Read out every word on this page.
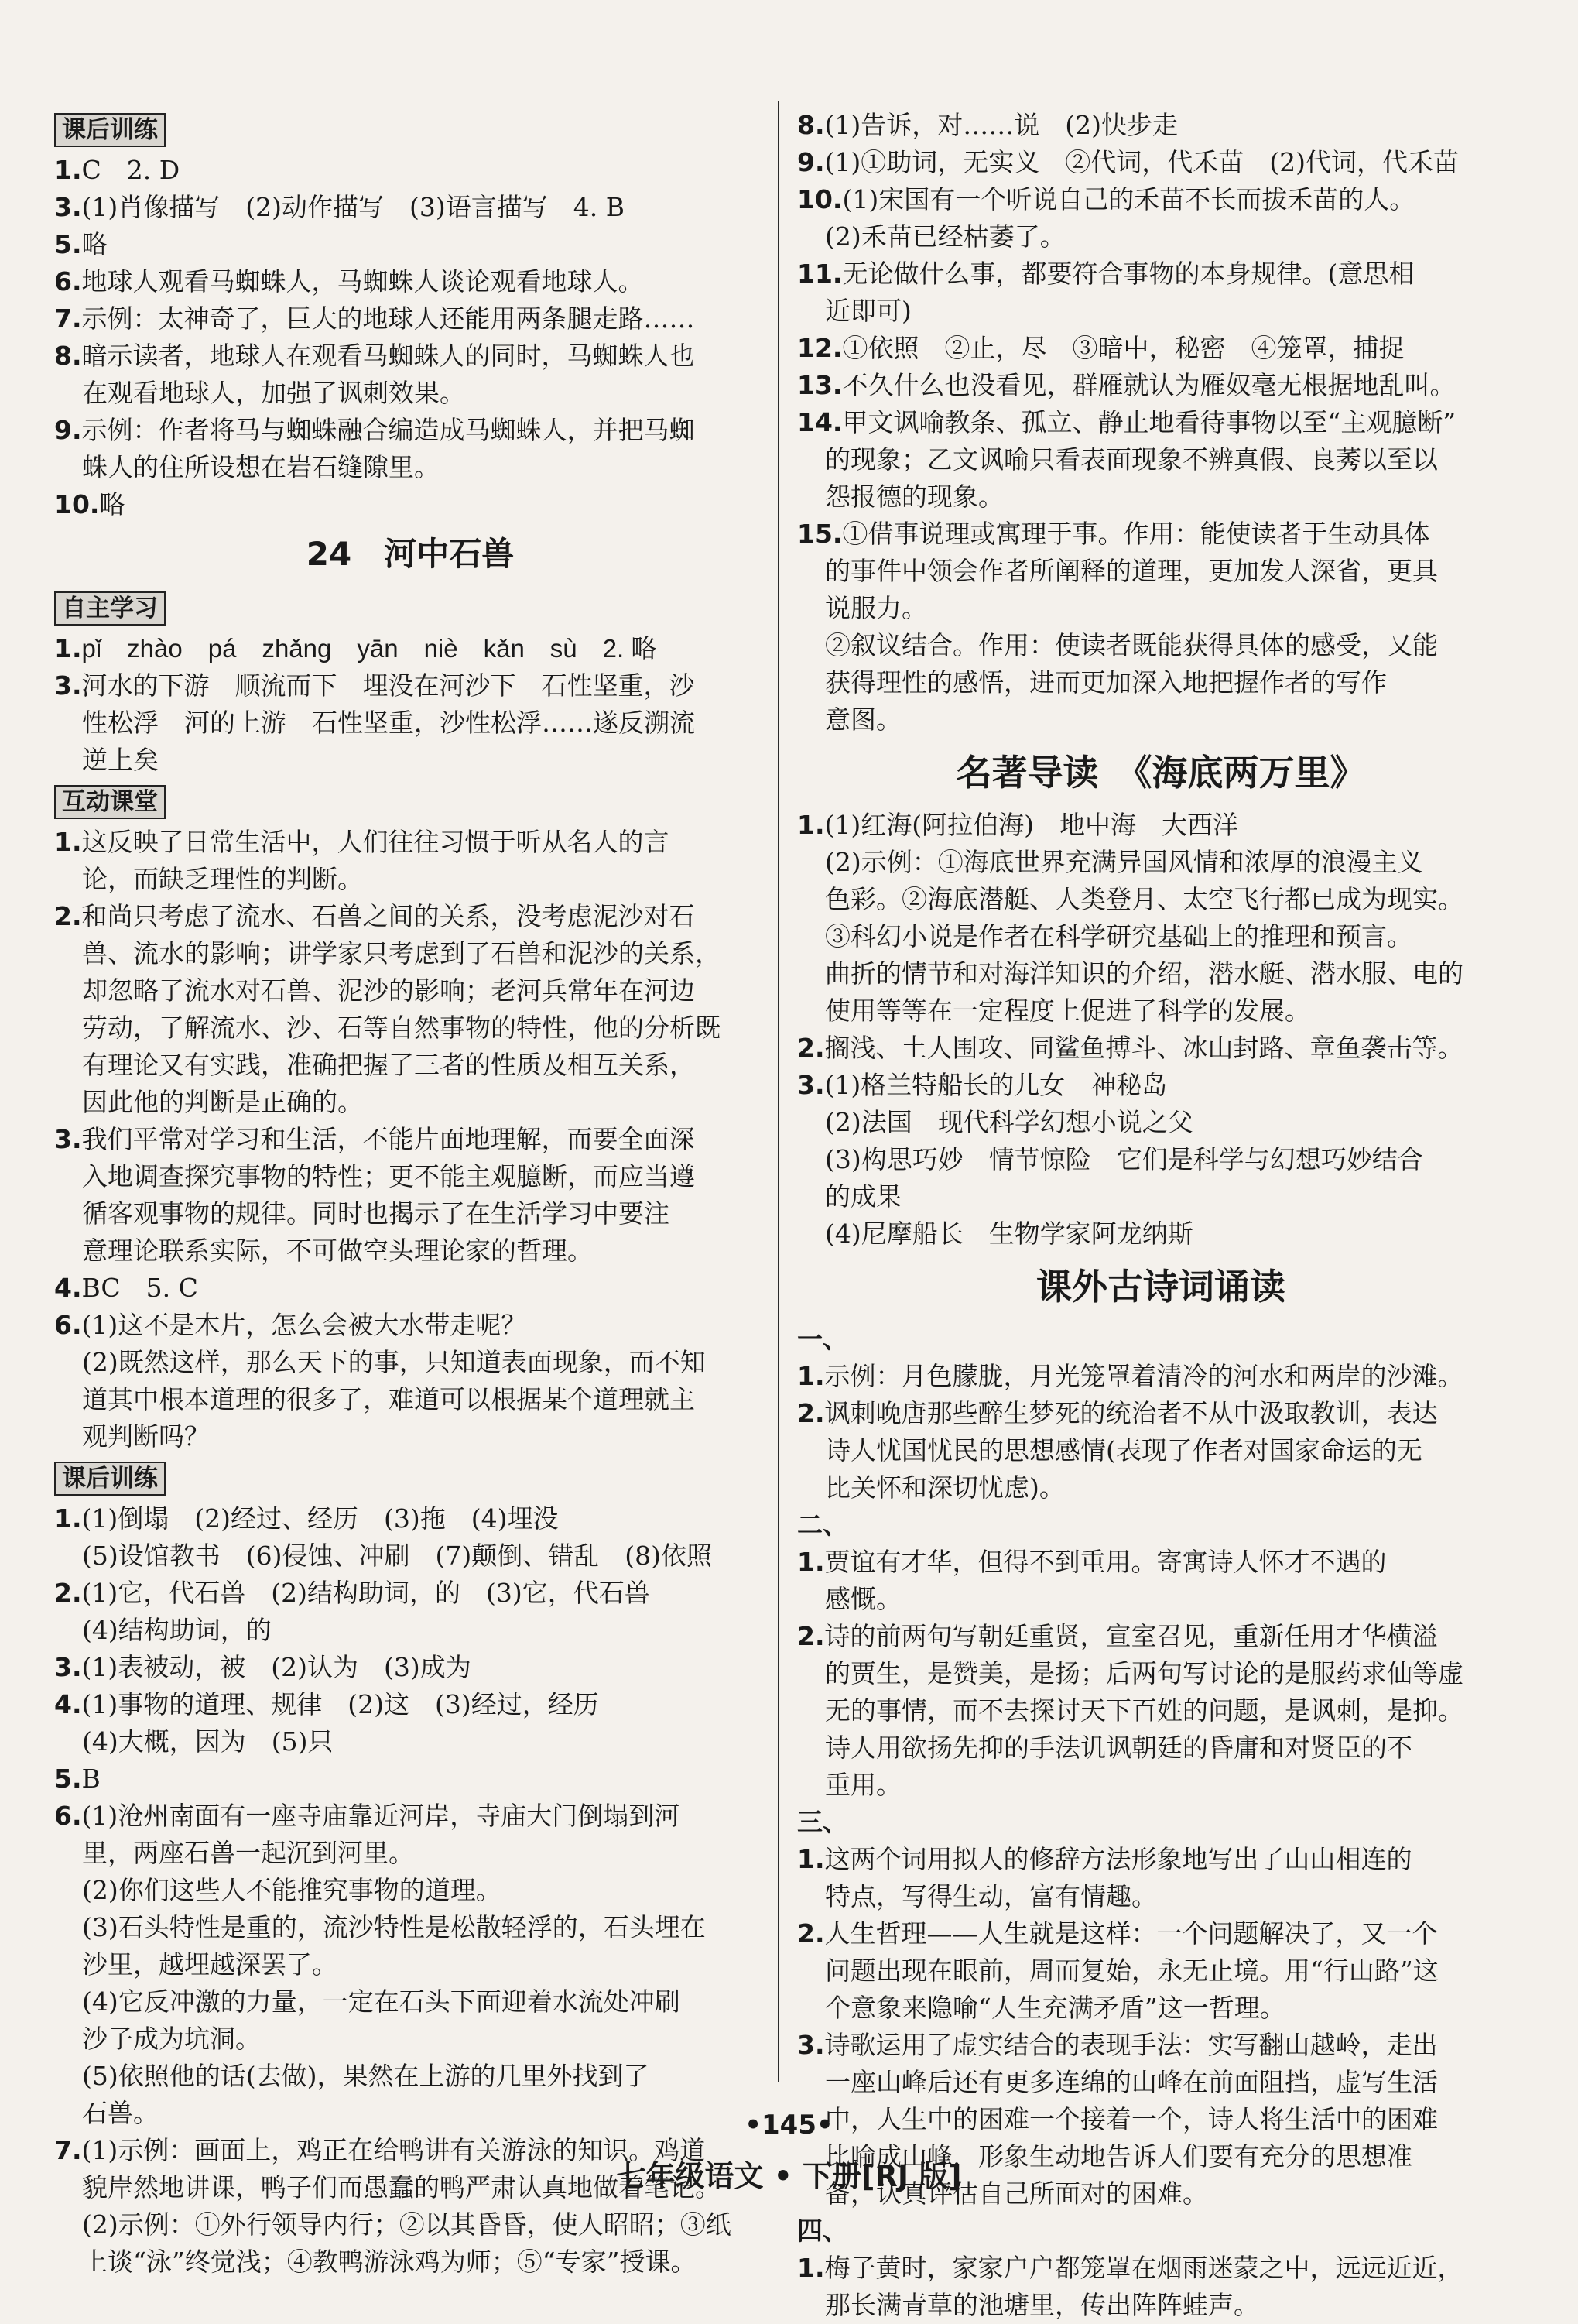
课后训练
1.C　2. D
3.(1)肖像描写　(2)动作描写　(3)语言描写　4. B
5.略
6.地球人观看马蜘蛛人，马蜘蛛人谈论观看地球人。
7.示例：太神奇了，巨大的地球人还能用两条腿走路……
8.暗示读者，地球人在观看马蜘蛛人的同时，马蜘蛛人也
在观看地球人，加强了讽刺效果。
9.示例：作者将马与蜘蛛融合编造成马蜘蛛人，并把马蜘
蛛人的住所设想在岩石缝隙里。
10.略
24　河中石兽
自主学习
1.pǐ　zhào　pá　zhǎng　yān　niè　kǎn　sù　2. 略
3.河水的下游　顺流而下　埋没在河沙下　石性坚重，沙
性松浮　河的上游　石性坚重，沙性松浮……遂反溯流
逆上矣
互动课堂
1.这反映了日常生活中，人们往往习惯于听从名人的言
论，而缺乏理性的判断。
2.和尚只考虑了流水、石兽之间的关系，没考虑泥沙对石
兽、流水的影响；讲学家只考虑到了石兽和泥沙的关系，
却忽略了流水对石兽、泥沙的影响；老河兵常年在河边
劳动，了解流水、沙、石等自然事物的特性，他的分析既
有理论又有实践，准确把握了三者的性质及相互关系，
因此他的判断是正确的。
3.我们平常对学习和生活，不能片面地理解，而要全面深
入地调查探究事物的特性；更不能主观臆断，而应当遵
循客观事物的规律。同时也揭示了在生活学习中要注
意理论联系实际，不可做空头理论家的哲理。
4.BC　5. C
6.(1)这不是木片，怎么会被大水带走呢？
(2)既然这样，那么天下的事，只知道表面现象，而不知
道其中根本道理的很多了，难道可以根据某个道理就主
观判断吗？
课后训练
1.(1)倒塌　(2)经过、经历　(3)拖　(4)埋没
(5)设馆教书　(6)侵蚀、冲刷　(7)颠倒、错乱　(8)依照
2.(1)它，代石兽　(2)结构助词，的　(3)它，代石兽
(4)结构助词，的
3.(1)表被动，被　(2)认为　(3)成为
4.(1)事物的道理、规律　(2)这　(3)经过，经历
(4)大概，因为　(5)只
5.B
6.(1)沧州南面有一座寺庙靠近河岸，寺庙大门倒塌到河
里，两座石兽一起沉到河里。
(2)你们这些人不能推究事物的道理。
(3)石头特性是重的，流沙特性是松散轻浮的，石头埋在
沙里，越埋越深罢了。
(4)它反冲激的力量，一定在石头下面迎着水流处冲刷
沙子成为坑洞。
(5)依照他的话(去做)，果然在上游的几里外找到了
石兽。
7.(1)示例：画面上，鸡正在给鸭讲有关游泳的知识。鸡道
貌岸然地讲课，鸭子们而愚蠢的鸭严肃认真地做着笔记。
(2)示例：①外行领导内行；②以其昏昏，使人昭昭；③纸
上谈“泳”终觉浅；④教鸭游泳鸡为师；⑤“专家”授课。
8.(1)告诉，对……说　(2)快步走
9.(1)①助词，无实义　②代词，代禾苗　(2)代词，代禾苗
10.(1)宋国有一个听说自己的禾苗不长而拔禾苗的人。
(2)禾苗已经枯萎了。
11.无论做什么事，都要符合事物的本身规律。(意思相
近即可)
12.①依照　②止，尽　③暗中，秘密　④笼罩，捕捉
13.不久什么也没看见，群雁就认为雁奴毫无根据地乱叫。
14.甲文讽喻教条、孤立、静止地看待事物以至“主观臆断”
的现象；乙文讽喻只看表面现象不辨真假、良莠以至以
怨报德的现象。
15.①借事说理或寓理于事。作用：能使读者于生动具体
的事件中领会作者所阐释的道理，更加发人深省，更具
说服力。
②叙议结合。作用：使读者既能获得具体的感受，又能
获得理性的感悟，进而更加深入地把握作者的写作
意图。
名著导读　《海底两万里》
1.(1)红海(阿拉伯海)　地中海　大西洋
(2)示例：①海底世界充满异国风情和浓厚的浪漫主义
色彩。②海底潜艇、人类登月、太空飞行都已成为现实。
③科幻小说是作者在科学研究基础上的推理和预言。
曲折的情节和对海洋知识的介绍，潜水艇、潜水服、电的
使用等等在一定程度上促进了科学的发展。
2.搁浅、土人围攻、同鲨鱼搏斗、冰山封路、章鱼袭击等。
3.(1)格兰特船长的儿女　神秘岛
(2)法国　现代科学幻想小说之父
(3)构思巧妙　情节惊险　它们是科学与幻想巧妙结合
的成果
(4)尼摩船长　生物学家阿龙纳斯
课外古诗词诵读
一、
1.示例：月色朦胧，月光笼罩着清冷的河水和两岸的沙滩。
2.讽刺晚唐那些醉生梦死的统治者不从中汲取教训，表达
诗人忧国忧民的思想感情(表现了作者对国家命运的无
比关怀和深切忧虑)。
二、
1.贾谊有才华，但得不到重用。寄寓诗人怀才不遇的
感慨。
2.诗的前两句写朝廷重贤，宣室召见，重新任用才华横溢
的贾生，是赞美，是扬；后两句写讨论的是服药求仙等虚
无的事情，而不去探讨天下百姓的问题，是讽刺，是抑。
诗人用欲扬先抑的手法讥讽朝廷的昏庸和对贤臣的不
重用。
三、
1.这两个词用拟人的修辞方法形象地写出了山山相连的
特点，写得生动，富有情趣。
2.人生哲理——人生就是这样：一个问题解决了，又一个
问题出现在眼前，周而复始，永无止境。用“行山路”这
个意象来隐喻“人生充满矛盾”这一哲理。
3.诗歌运用了虚实结合的表现手法：实写翻山越岭，走出
一座山峰后还有更多连绵的山峰在前面阻挡，虚写生活
中，人生中的困难一个接着一个，诗人将生活中的困难
比喻成山峰，形象生动地告诉人们要有充分的思想准
备，认真评估自己所面对的困难。
四、
1.梅子黄时，家家户户都笼罩在烟雨迷蒙之中，远远近近，
那长满青草的池塘里，传出阵阵蛙声。
•145•
七年级语文 • 下册[RJ 版]
